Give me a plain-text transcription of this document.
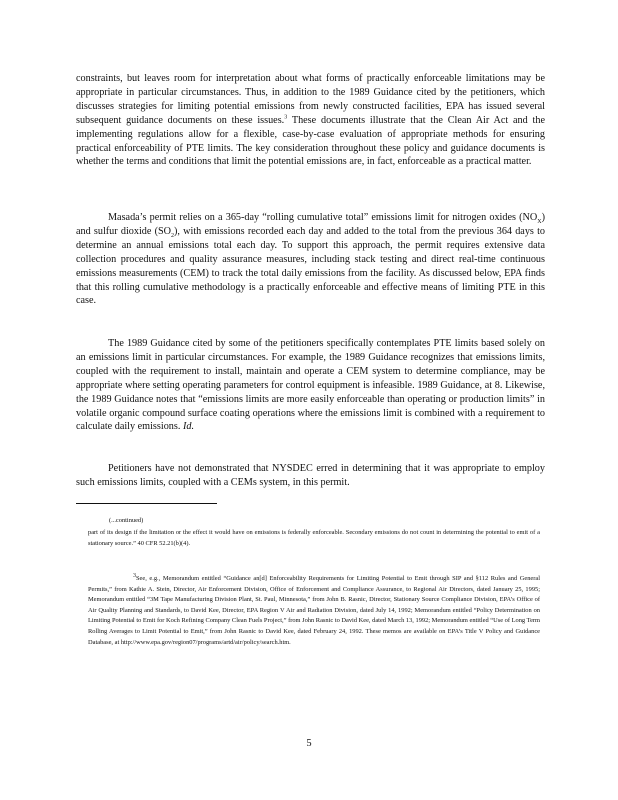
constraints, but leaves room for interpretation about what forms of practically enforceable limitations may be appropriate in particular circumstances. Thus, in addition to the 1989 Guidance cited by the petitioners, which discusses strategies for limiting potential emissions from newly constructed facilities, EPA has issued several subsequent guidance documents on these issues.$^3$ These documents illustrate that the Clean Air Act and the implementing regulations allow for a flexible, case-by-case evaluation of appropriate methods for ensuring practical enforceability of PTE limits. The key consideration throughout these policy and guidance documents is whether the terms and conditions that limit the potential emissions are, in fact, enforceable as a practical matter.

Masada’s permit relies on a 365-day “rolling cumulative total” emissions limit for nitrogen oxides $(NO_X)$ and sulfur dioxide $(SO_2)$, with emissions recorded each day and added to the total from the previous 364 days to determine an annual emissions total each day. To support this approach, the permit requires extensive data collection procedures and quality assurance measures, including stack testing and direct real-time continuous emissions measurements (CEM) to track the total daily emissions from the facility. As discussed below, EPA finds that this rolling cumulative methodology is a practically enforceable and effective means of limiting PTE in this case.

The 1989 Guidance cited by some of the petitioners specifically contemplates PTE limits based solely on an emissions limit in particular circumstances. For example, the 1989 Guidance recognizes that emissions limits, coupled with the requirement to install, maintain and operate a CEM system to determine compliance, may be appropriate where setting operating parameters for control equipment is infeasible. 1989 Guidance, at 8. Likewise, the 1989 Guidance notes that “emissions limits are more easily enforceable than operating or production limits” in volatile organic compound surface coating operations where the emissions limit is combined with a requirement to calculate daily emissions. Id.

Petitioners have not demonstrated that NYSDEC erred in determining that it was appropriate to employ such emissions limits, coupled with a CEMs system, in this permit.

(...continued)

part of its design if the limitation or the effect it would have on emissions is federally enforceable. Secondary emissions do not count in determining the potential to emit of a stationary source.” 40 CFR 52.21(b)(4).

3See, e.g., Memorandum entitled “Guidance an[d] Enforceability Requirements for Limiting Potential to Emit through SIP and §112 Rules and General Permits,” from Kathie A. Stein, Director, Air Enforcement Division, Office of Enforcement and Compliance Assurance, to Regional Air Directors, dated January 25, 1995; Memorandum entitled “3M Tape Manufacturing Division Plant, St. Paul, Minnesota,” from John B. Rasnic, Director, Stationary Source Compliance Division, EPA’s Office of Air Quality Planning and Standards, to David Kee, Director, EPA Region V Air and Radiation Division, dated July 14, 1992; Memorandum entitled “Policy Determination on Limiting Potential to Emit for Koch Refining Company Clean Fuels Project,” from John Rasnic to David Kee, dated March 13, 1992; Memorandum entitled “Use of Long Term Rolling Averages to Limit Potential to Emit,” from John Rasnic to David Kee, dated February 24, 1992. These memos are available on EPA’s Title V Policy and Guidance Database, at http://www.epa.gov/region07/programs/artd/air/policy/search.htm.

5
